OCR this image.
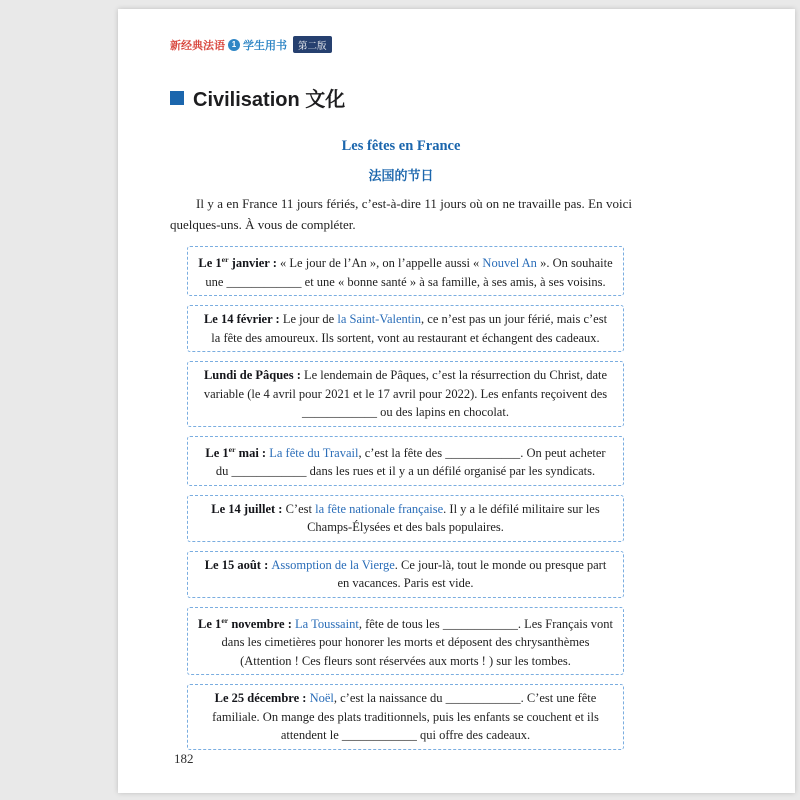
新经典法语 1 学生用书	第二版
Civilisation 文化
Les fêtes en France
法国的节日

Il y a en France 11 jours fériés, c’est-à-dire 11 jours où on ne travaille pas. En voici quelques-uns. À vous de compléter.

Le 1er janvier : « Le jour de l’An », on l’appelle aussi « Nouvel An ». On souhaite une ____________ et une « bonne santé » à sa famille, à ses amis, à ses voisins.

Le 14 février : Le jour de la Saint-Valentin, ce n’est pas un jour férié, mais c’est la fête des amoureux. Ils sortent, vont au restaurant et échangent des cadeaux.

Lundi de Pâques : Le lendemain de Pâques, c’est la résurrection du Christ, date variable (le 4 avril pour 2021 et le 17 avril pour 2022). Les enfants reçoivent des ____________ ou des lapins en chocolat.

Le 1er mai : La fête du Travail, c’est la fête des ____________. On peut acheter du ____________ dans les rues et il y a un défilé organisé par les syndicats.

Le 14 juillet : C’est la fête nationale française. Il y a le défilé militaire sur les Champs-Élysées et des bals populaires.

Le 15 août : Assomption de la Vierge. Ce jour-là, tout le monde ou presque part en vacances. Paris est vide.

Le 1er novembre : La Toussaint, fête de tous les ____________. Les Français vont dans les cimetières pour honorer les morts et déposent des chrysanthèmes (Attention ! Ces fleurs sont réservées aux morts ! ) sur les tombes.

Le 25 décembre : Noël, c’est la naissance du ____________. C’est une fête familiale. On mange des plats traditionnels, puis les enfants se couchent et ils attendent le ____________ qui offre des cadeaux.

182
